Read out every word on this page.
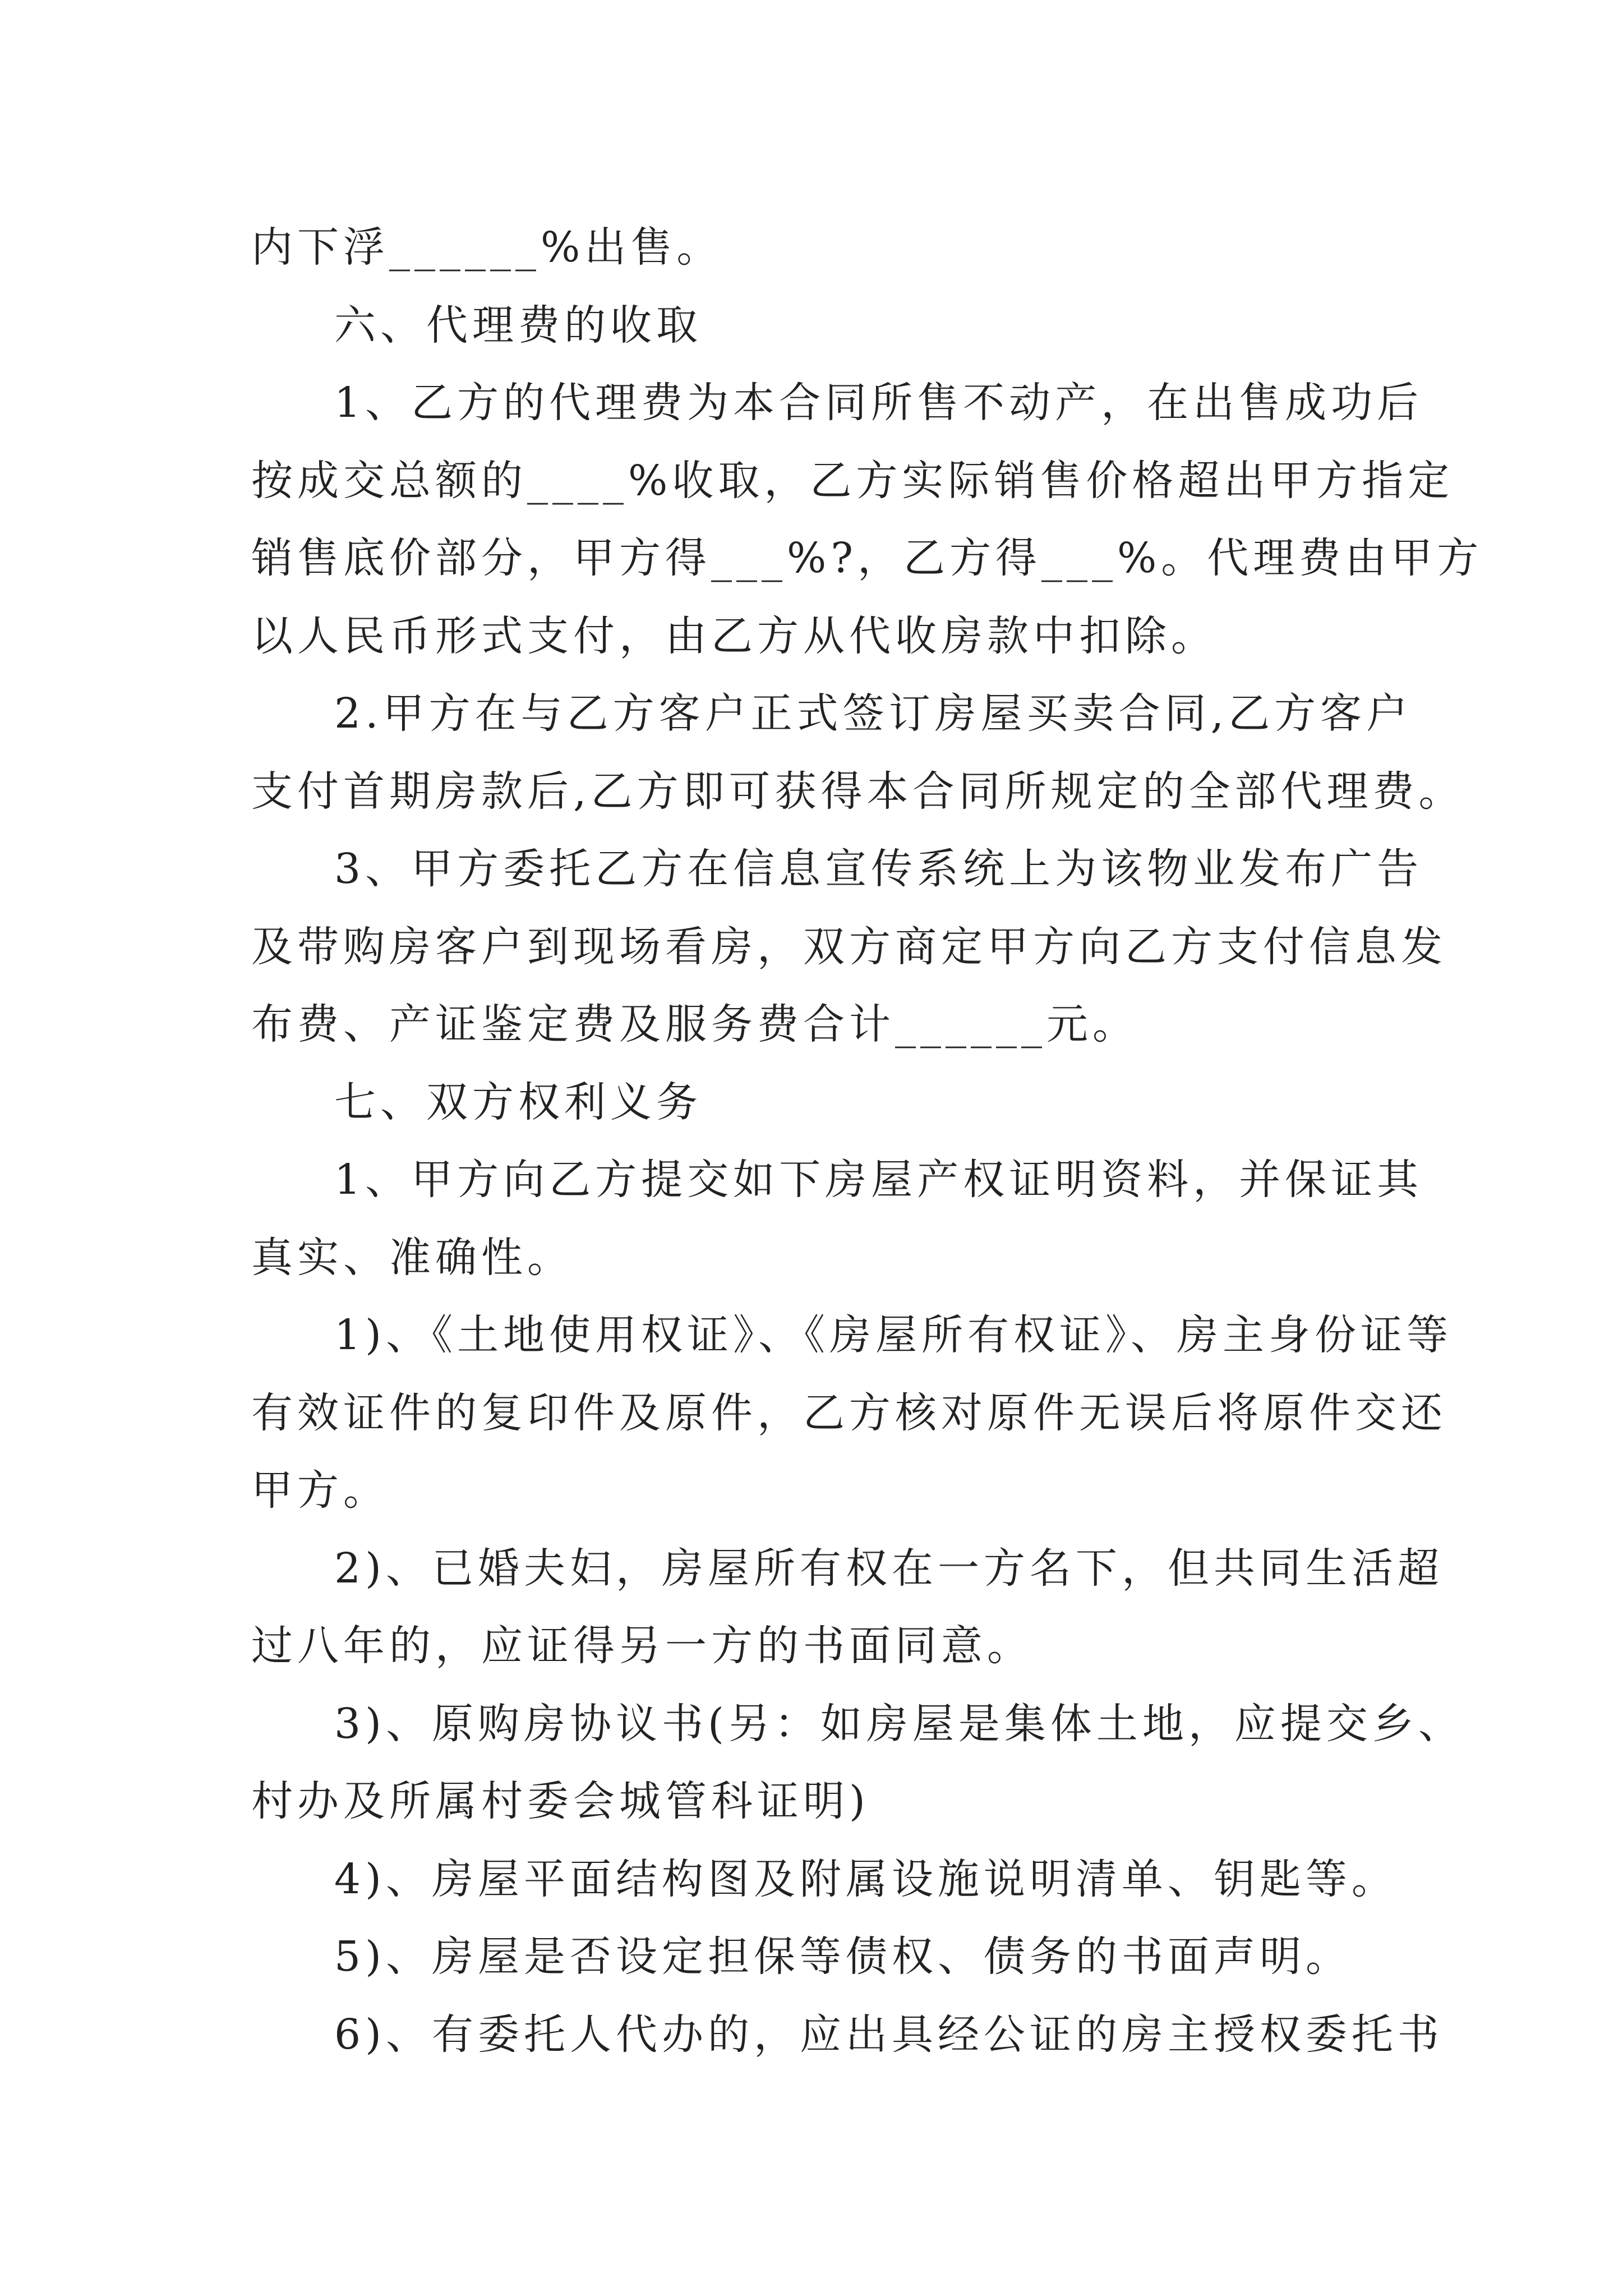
内下浮______%出售。
六、代理费的收取
1、乙方的代理费为本合同所售不动产，在出售成功后
按成交总额的____%收取，乙方实际销售价格超出甲方指定
销售底价部分，甲方得___%?，乙方得___%。代理费由甲方
以人民币形式支付，由乙方从代收房款中扣除。
2.甲方在与乙方客户正式签订房屋买卖合同,乙方客户
支付首期房款后,乙方即可获得本合同所规定的全部代理费。
3、甲方委托乙方在信息宣传系统上为该物业发布广告
及带购房客户到现场看房，双方商定甲方向乙方支付信息发
布费、产证鉴定费及服务费合计______元。
七、双方权利义务
1、甲方向乙方提交如下房屋产权证明资料，并保证其
真实、准确性。
1)、《土地使用权证》、《房屋所有权证》、房主身份证等
有效证件的复印件及原件，乙方核对原件无误后将原件交还
甲方。
2)、已婚夫妇，房屋所有权在一方名下，但共同生活超
过八年的，应证得另一方的书面同意。
3)、原购房协议书(另：如房屋是集体土地，应提交乡、
村办及所属村委会城管科证明)
4)、房屋平面结构图及附属设施说明清单、钥匙等。
5)、房屋是否设定担保等债权、债务的书面声明。
6)、有委托人代办的，应出具经公证的房主授权委托书
